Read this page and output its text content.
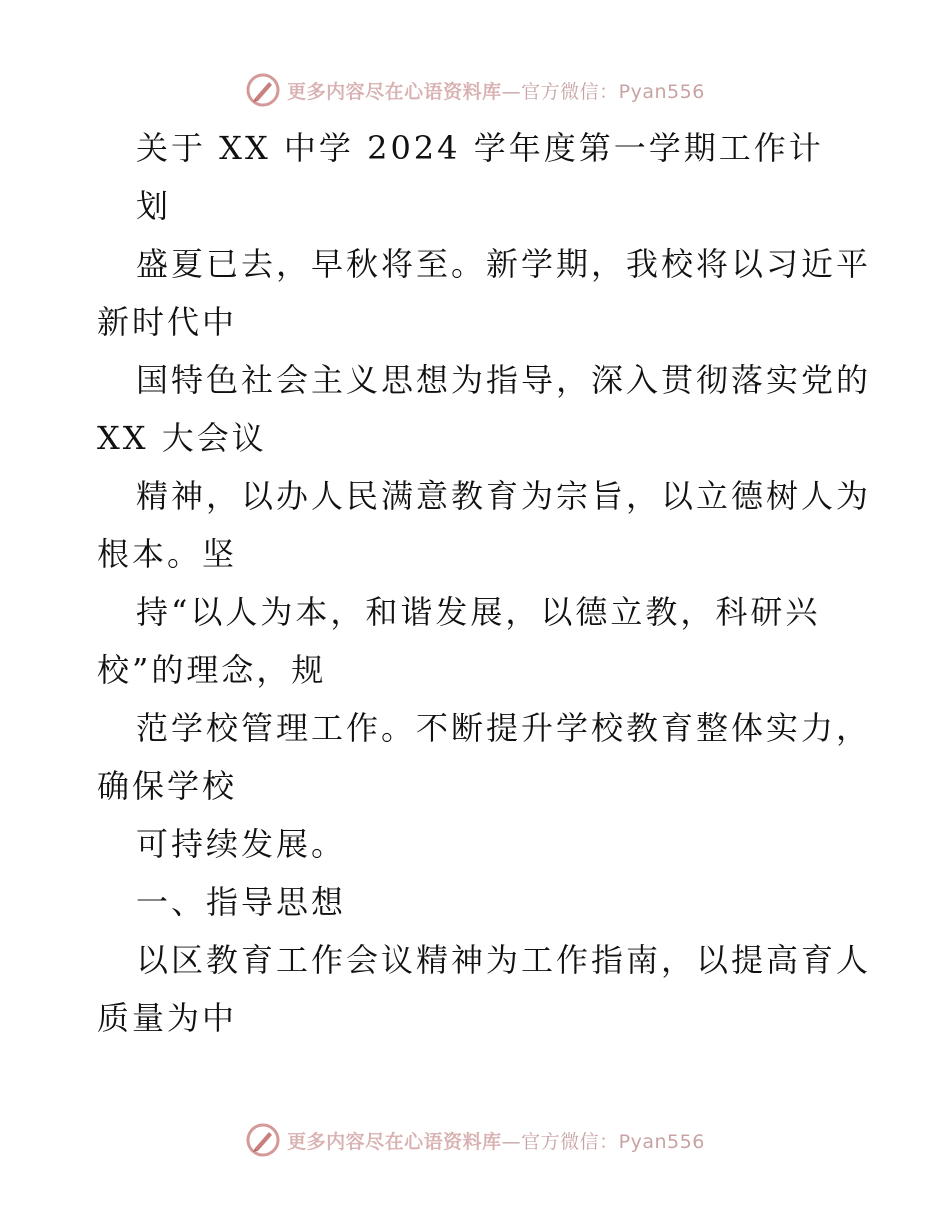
更多内容尽在心语资料库—官方微信：Pyan556
关于 XX 中学 2024 学年度第一学期工作计
划
盛夏已去，早秋将至。新学期，我校将以习近平
新时代中
国特色社会主义思想为指导，深入贯彻落实党的
XX 大会议
精神，以办人民满意教育为宗旨，以立德树人为
根本。坚
持“以人为本，和谐发展，以德立教，科研兴
校”的理念，规
范学校管理工作。不断提升学校教育整体实力，
确保学校
可持续发展。
一、指导思想
以区教育工作会议精神为工作指南，以提高育人
质量为中
更多内容尽在心语资料库—官方微信：Pyan556
